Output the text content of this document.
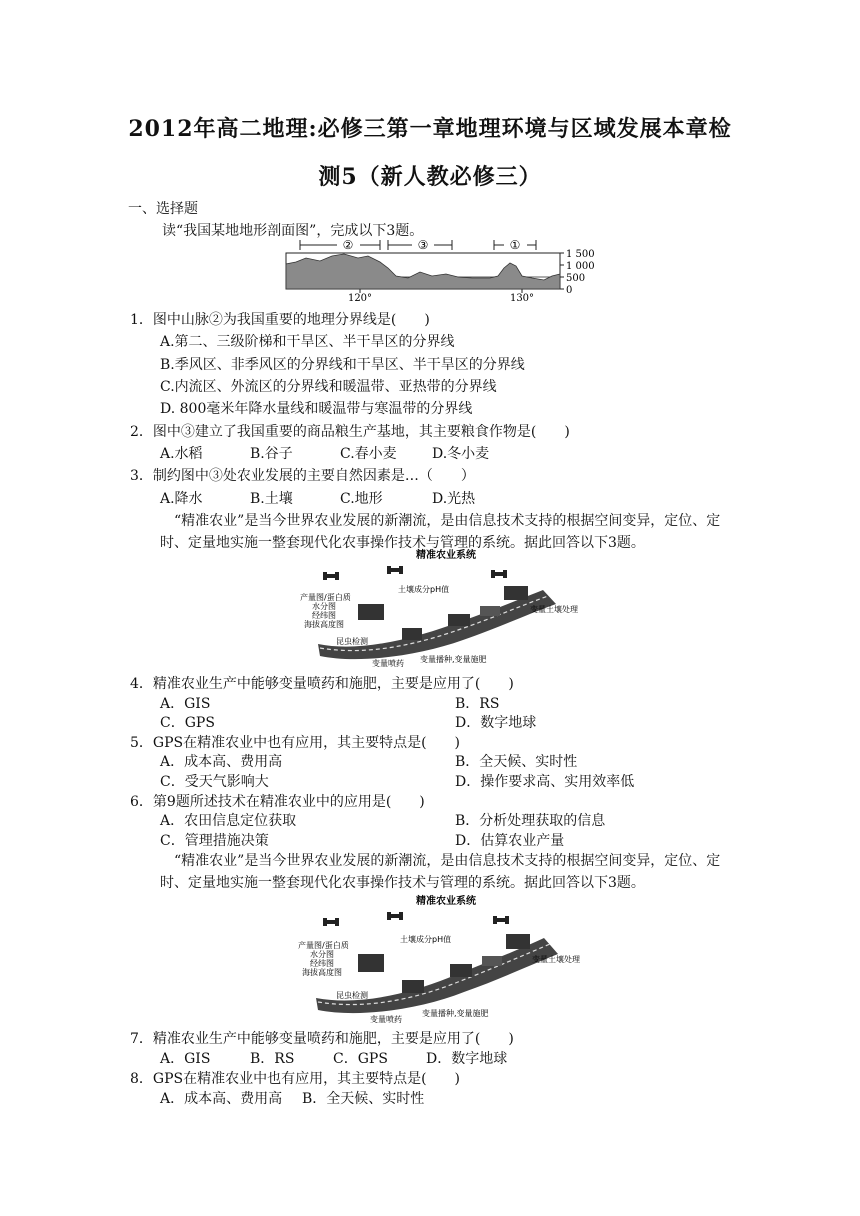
2012年高二地理:必修三第一章地理环境与区域发展本章检
测5（新人教必修三）
一、选择题
读“我国某地地形剖面图”，完成以下3题。
②	③	①
1 500
1 000
500
0
120°	130°
1．图中山脉②为我国重要的地理分界线是(　　)
A.第二、三级阶梯和干旱区、半干旱区的分界线
B.季风区、非季风区的分界线和干旱区、半干旱区的分界线
C.内流区、外流区的分界线和暖温带、亚热带的分界线
D. 800毫米年降水量线和暖温带与寒温带的分界线
2．图中③建立了我国重要的商品粮生产基地，其主要粮食作物是(　　)
A.水稻	B.谷子	C.春小麦	D.冬小麦
3．制约图中③处农业发展的主要自然因素是…（　　）
A.降水	B.土壤	C.地形	D.光热
“精准农业”是当今世界农业发展的新潮流，是由信息技术支持的根据空间变异，定位、定时、定量地实施一整套现代化农事操作技术与管理的系统。据此回答以下3题。
精准农业系统
产量图/蛋白质
水分图
经纬图
海拔高度图
土壤成分pH值
变量土壤处理
昆虫检测
变量喷药 变量播种,变量施肥
4．精准农业生产中能够变量喷药和施肥，主要是应用了(　　)
A．GIS	B．RS
C．GPS	D．数字地球
5．GPS在精准农业中也有应用，其主要特点是(　　)
A．成本高、费用高	B．全天候、实时性
C．受天气影响大	D．操作要求高、实用效率低
6．第9题所述技术在精准农业中的应用是(　　)
A．农田信息定位获取	B．分析处理获取的信息
C．管理措施决策	D．估算农业产量
“精准农业”是当今世界农业发展的新潮流，是由信息技术支持的根据空间变异，定位、定时、定量地实施一整套现代化农事操作技术与管理的系统。据此回答以下3题。
精准农业系统
产量图/蛋白质
水分图
经纬图
海拔高度图
土壤成分pH值
变量土壤处理
昆虫检测
变量喷药
变量播种,变量施肥
7．精准农业生产中能够变量喷药和施肥，主要是应用了(　　)
A．GIS	B．RS	C．GPS	D．数字地球
8．GPS在精准农业中也有应用，其主要特点是(　　)
A．成本高、费用高 B．全天候、实时性
